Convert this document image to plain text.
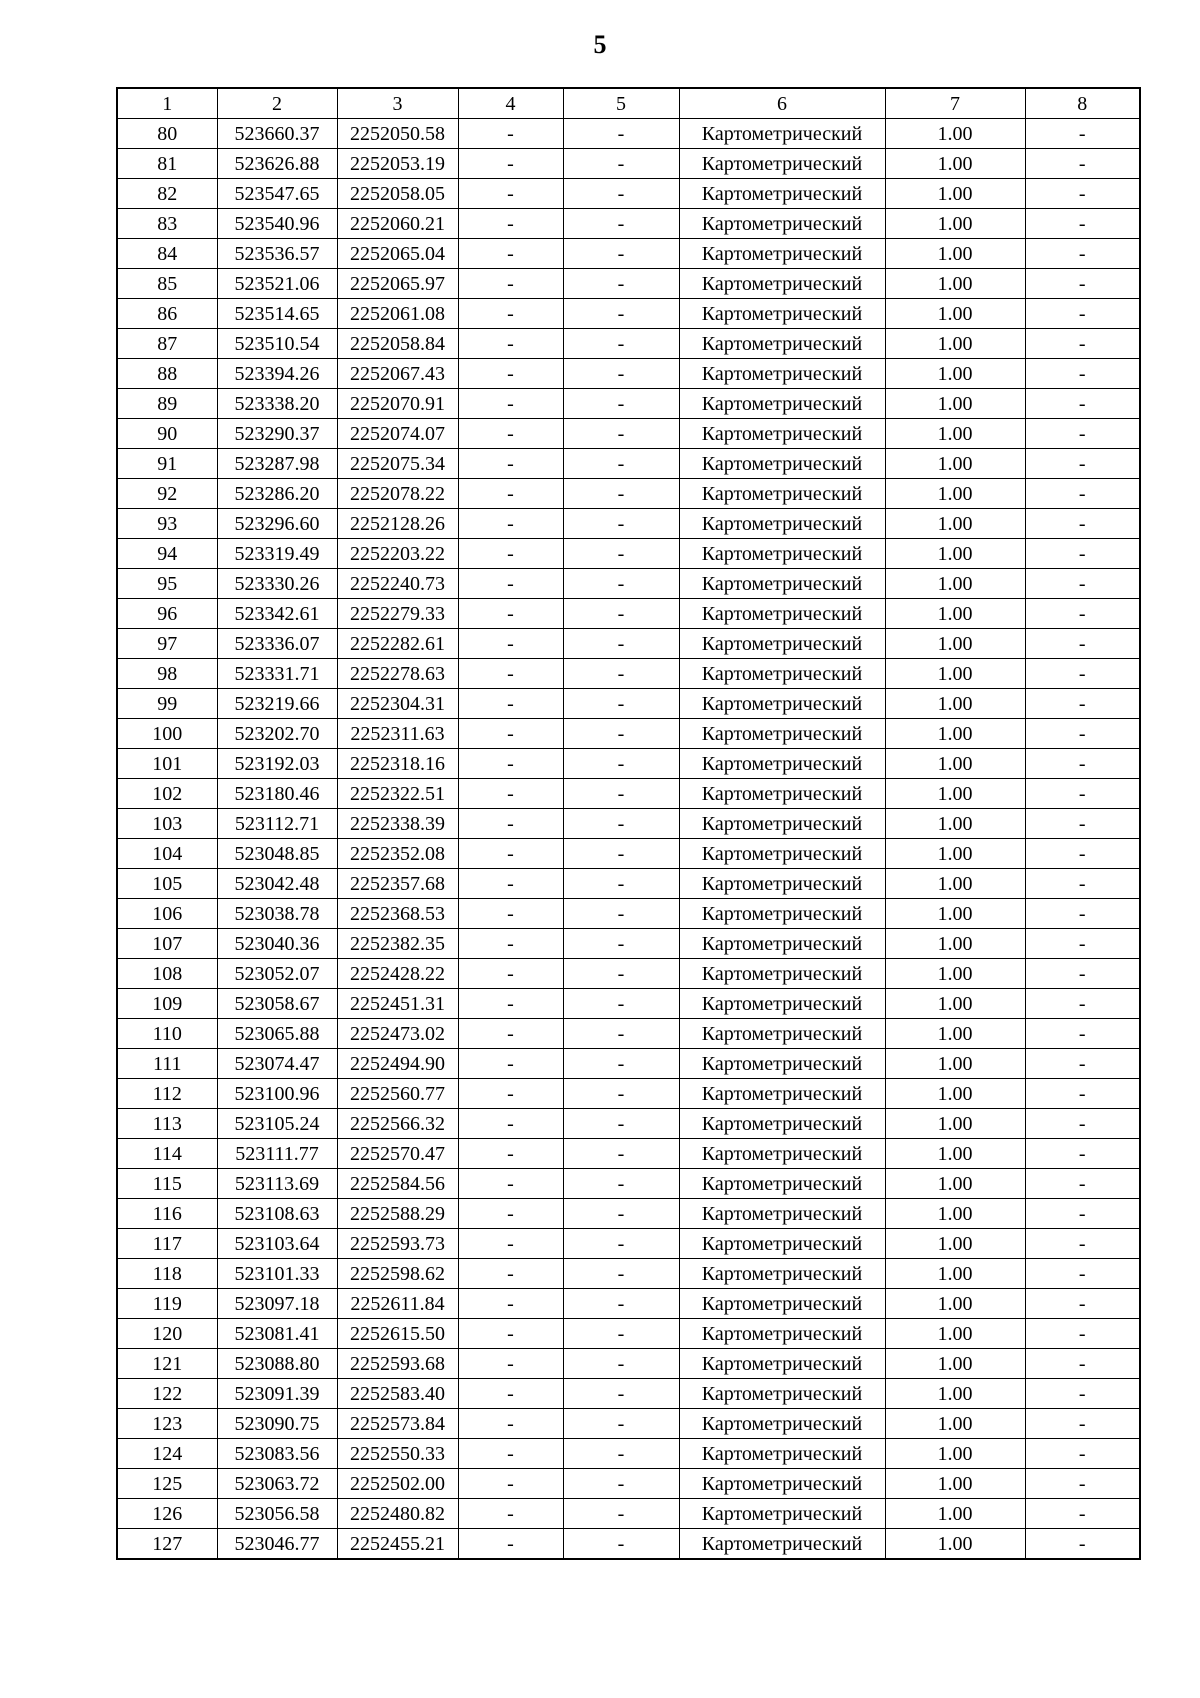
5
1	2	3	4	5	6	7	8
80	523660.37	2252050.58	-	-	Картометрический	1.00	-
81	523626.88	2252053.19	-	-	Картометрический	1.00	-
82	523547.65	2252058.05	-	-	Картометрический	1.00	-
83	523540.96	2252060.21	-	-	Картометрический	1.00	-
84	523536.57	2252065.04	-	-	Картометрический	1.00	-
85	523521.06	2252065.97	-	-	Картометрический	1.00	-
86	523514.65	2252061.08	-	-	Картометрический	1.00	-
87	523510.54	2252058.84	-	-	Картометрический	1.00	-
88	523394.26	2252067.43	-	-	Картометрический	1.00	-
89	523338.20	2252070.91	-	-	Картометрический	1.00	-
90	523290.37	2252074.07	-	-	Картометрический	1.00	-
91	523287.98	2252075.34	-	-	Картометрический	1.00	-
92	523286.20	2252078.22	-	-	Картометрический	1.00	-
93	523296.60	2252128.26	-	-	Картометрический	1.00	-
94	523319.49	2252203.22	-	-	Картометрический	1.00	-
95	523330.26	2252240.73	-	-	Картометрический	1.00	-
96	523342.61	2252279.33	-	-	Картометрический	1.00	-
97	523336.07	2252282.61	-	-	Картометрический	1.00	-
98	523331.71	2252278.63	-	-	Картометрический	1.00	-
99	523219.66	2252304.31	-	-	Картометрический	1.00	-
100	523202.70	2252311.63	-	-	Картометрический	1.00	-
101	523192.03	2252318.16	-	-	Картометрический	1.00	-
102	523180.46	2252322.51	-	-	Картометрический	1.00	-
103	523112.71	2252338.39	-	-	Картометрический	1.00	-
104	523048.85	2252352.08	-	-	Картометрический	1.00	-
105	523042.48	2252357.68	-	-	Картометрический	1.00	-
106	523038.78	2252368.53	-	-	Картометрический	1.00	-
107	523040.36	2252382.35	-	-	Картометрический	1.00	-
108	523052.07	2252428.22	-	-	Картометрический	1.00	-
109	523058.67	2252451.31	-	-	Картометрический	1.00	-
110	523065.88	2252473.02	-	-	Картометрический	1.00	-
111	523074.47	2252494.90	-	-	Картометрический	1.00	-
112	523100.96	2252560.77	-	-	Картометрический	1.00	-
113	523105.24	2252566.32	-	-	Картометрический	1.00	-
114	523111.77	2252570.47	-	-	Картометрический	1.00	-
115	523113.69	2252584.56	-	-	Картометрический	1.00	-
116	523108.63	2252588.29	-	-	Картометрический	1.00	-
117	523103.64	2252593.73	-	-	Картометрический	1.00	-
118	523101.33	2252598.62	-	-	Картометрический	1.00	-
119	523097.18	2252611.84	-	-	Картометрический	1.00	-
120	523081.41	2252615.50	-	-	Картометрический	1.00	-
121	523088.80	2252593.68	-	-	Картометрический	1.00	-
122	523091.39	2252583.40	-	-	Картометрический	1.00	-
123	523090.75	2252573.84	-	-	Картометрический	1.00	-
124	523083.56	2252550.33	-	-	Картометрический	1.00	-
125	523063.72	2252502.00	-	-	Картометрический	1.00	-
126	523056.58	2252480.82	-	-	Картометрический	1.00	-
127	523046.77	2252455.21	-	-	Картометрический	1.00	-
